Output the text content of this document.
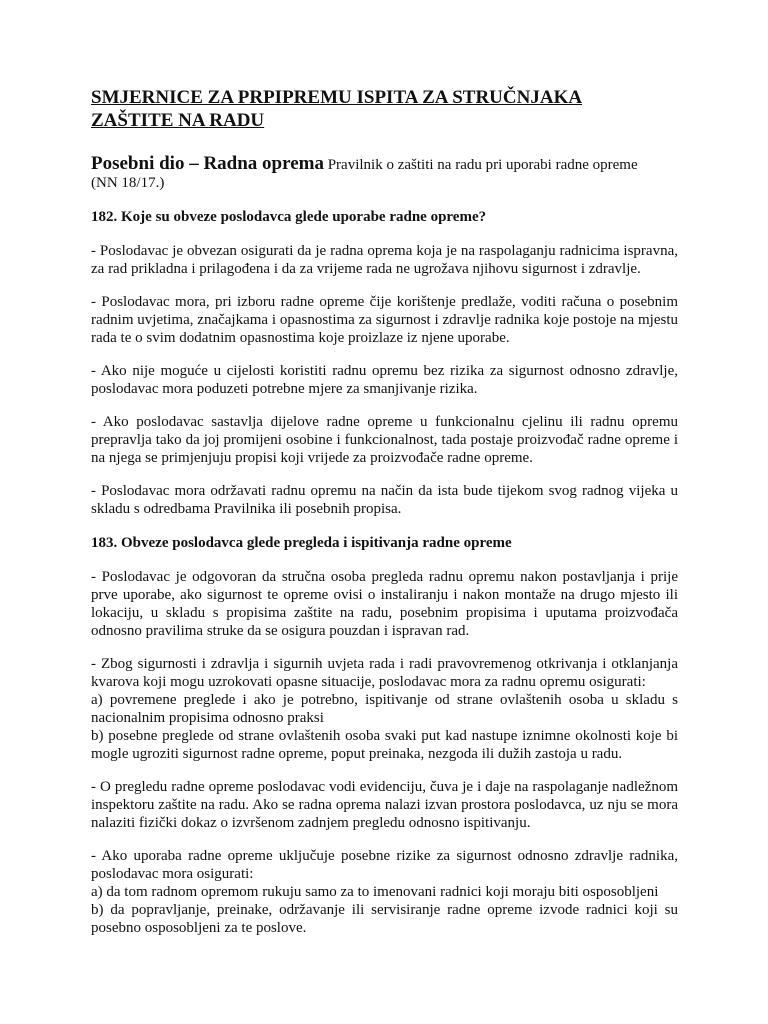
SMJERNICE ZA PRPIPREMU ISPITA ZA STRUČNJAKA
ZAŠTITE NA RADU

Posebni dio – Radna oprema Pravilnik o zaštiti na radu pri uporabi radne opreme
(NN 18/17.)

182. Koje su obveze poslodavca glede uporabe radne opreme?

- Poslodavac je obvezan osigurati da je radna oprema koja je na raspolaganju radnicima ispravna, za rad prikladna i prilagođena i da za vrijeme rada ne ugrožava njihovu sigurnost i zdravlje.

- Poslodavac mora, pri izboru radne opreme čije korištenje predlaže, voditi računa o posebnim radnim uvjetima, značajkama i opasnostima za sigurnost i zdravlje radnika koje postoje na mjestu rada te o svim dodatnim opasnostima koje proizlaze iz njene uporabe.

- Ako nije moguće u cijelosti koristiti radnu opremu bez rizika za sigurnost odnosno zdravlje, poslodavac mora poduzeti potrebne mjere za smanjivanje rizika.

- Ako poslodavac sastavlja dijelove radne opreme u funkcionalnu cjelinu ili radnu opremu prepravlja tako da joj promijeni osobine i funkcionalnost, tada postaje proizvođač radne opreme i na njega se primjenjuju propisi koji vrijede za proizvođače radne opreme.

- Poslodavac mora održavati radnu opremu na način da ista bude tijekom svog radnog vijeka u skladu s odredbama Pravilnika ili posebnih propisa.

183. Obveze poslodavca glede pregleda i ispitivanja radne opreme

- Poslodavac je odgovoran da stručna osoba pregleda radnu opremu nakon postavljanja i prije prve uporabe, ako sigurnost te opreme ovisi o instaliranju i nakon montaže na drugo mjesto ili lokaciju, u skladu s propisima zaštite na radu, posebnim propisima i uputama proizvođača odnosno pravilima struke da se osigura pouzdan i ispravan rad.

- Zbog sigurnosti i zdravlja i sigurnih uvjeta rada i radi pravovremenog otkrivanja i otklanjanja kvarova koji mogu uzrokovati opasne situacije, poslodavac mora za radnu opremu osigurati:
a) povremene preglede i ako je potrebno, ispitivanje od strane ovlaštenih osoba u skladu s nacionalnim propisima odnosno praksi
b) posebne preglede od strane ovlaštenih osoba svaki put kad nastupe iznimne okolnosti koje bi mogle ugroziti sigurnost radne opreme, poput preinaka, nezgoda ili dužih zastoja u radu.

- O pregledu radne opreme poslodavac vodi evidenciju, čuva je i daje na raspolaganje nadležnom inspektoru zaštite na radu. Ako se radna oprema nalazi izvan prostora poslodavca, uz nju se mora nalaziti fizički dokaz o izvršenom zadnjem pregledu odnosno ispitivanju.

- Ako uporaba radne opreme uključuje posebne rizike za sigurnost odnosno zdravlje radnika, poslodavac mora osigurati:
a) da tom radnom opremom rukuju samo za to imenovani radnici koji moraju biti osposobljeni
b) da popravljanje, preinake, održavanje ili servisiranje radne opreme izvode radnici koji su posebno osposobljeni za te poslove.
